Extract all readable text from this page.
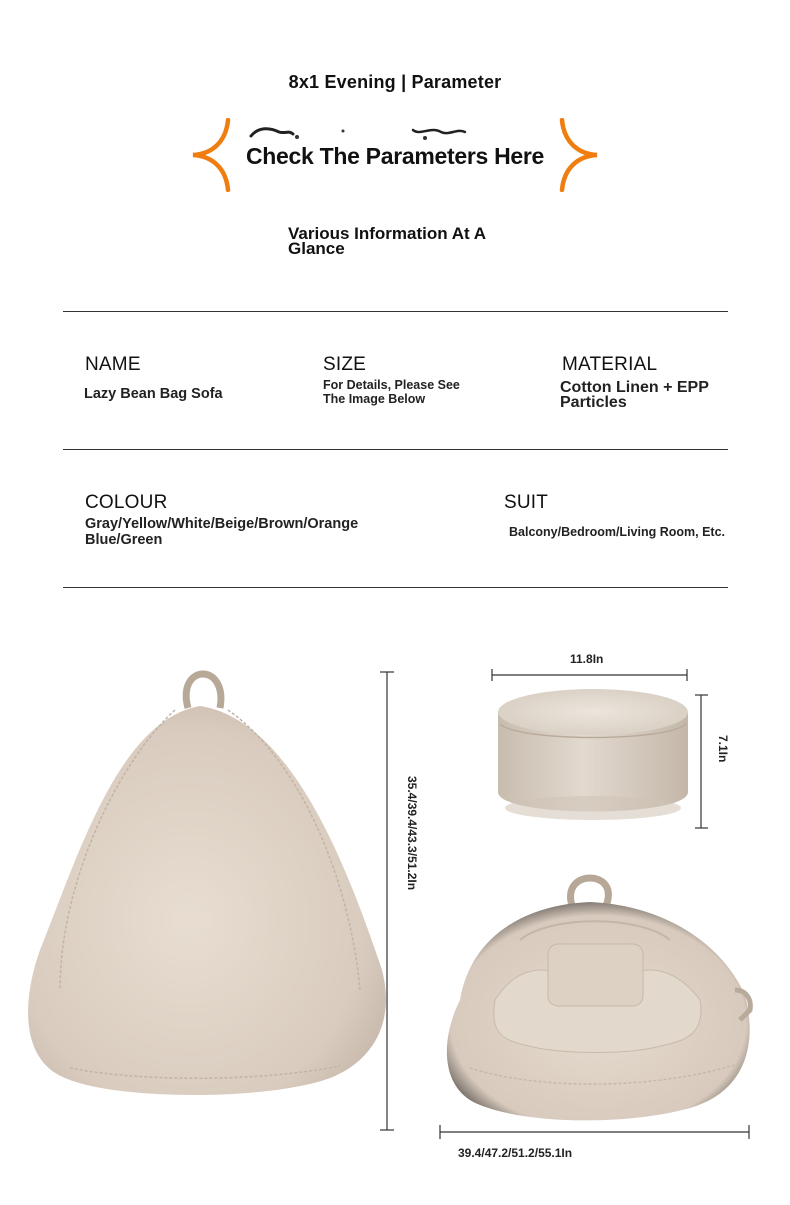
8x1 Evening | Parameter
Check The Parameters Here
Various Information At A Glance
NAME
Lazy Bean Bag Sofa
SIZE
For Details, Please See The Image Below
MATERIAL
Cotton Linen + EPP Particles
COLOUR
Gray/Yellow/White/Beige/Brown/Orange Blue/Green
SUIT
Balcony/Bedroom/Living Room, Etc.
35.4/39.4/43.3/51.2In
11.8In
7.1In
39.4/47.2/51.2/55.1In
